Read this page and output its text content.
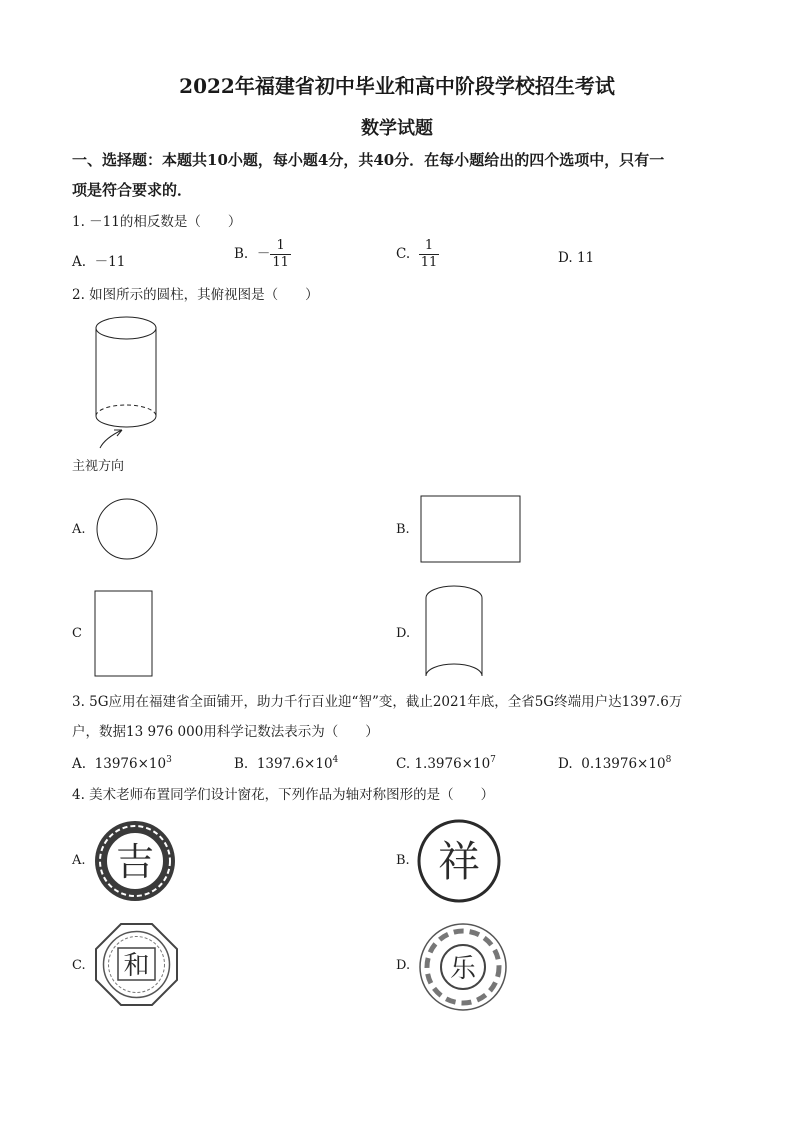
2022年福建省初中毕业和高中阶段学校招生考试
数学试题
一、选择题：本题共10小题，每小题4分，共40分．在每小题给出的四个选项中，只有一
项是符合要求的．
1. －11的相反数是（　　）
A. －11	B. － $\frac{1}{11}$	C. $\frac{1}{11}$	D. 11
2. 如图所示的圆柱，其俯视图是（　　）
主视方向
A.	B.
C	D.
3. 5G应用在福建省全面铺开，助力千行百业迎“智”变，截止2021年底，全省5G终端用户达1397.6万
户，数据13 976 000用科学记数法表示为（　　）
A. $13976\times 10^3$	B. $1397.6\times 10^4$	C. $1.3976\times 10^7$	D. $0.13976\times 10^8$
4. 美术老师布置同学们设计窗花，下列作品为轴对称图形的是（　　）
A. 吉	B. 祥
C. 和	D. 乐
